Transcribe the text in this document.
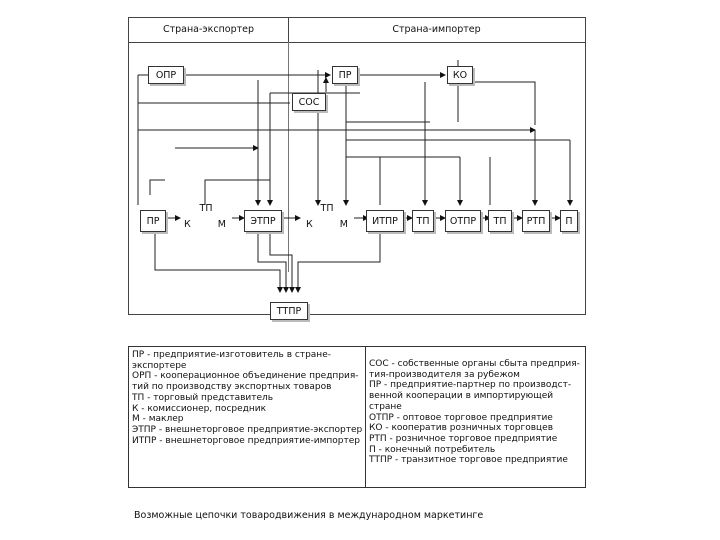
Страна-экспортер	Страна-импортер
ОПР	ПР
СОС
КО
ПР
ТП
К	М	ЭТПР
ТП
К	М	ИТПР	ТП	ОТПР	ТП	РТП	П
ТТПР
ПР - предприятие-изготовитель в стране-экспортере
ОРП - кооперационное объединение предприя-тий по производству экспортных товаров
ТП - торговый представитель
К - комиссионер, посредник
М - маклер
ЭТПР - внешнеторговое предприятие-экспортер
ИТПР - внешнеторговое предприятие-импортер
СОС - собственные органы сбыта предприя-тия-производителя за рубежом
ПР - предприятие-партнер по производст-венной кооперации в импортирующей стране
ОТПР - оптовое торговое предприятие
КО - кооператив розничных торговцев
РТП - розничное торговое предприятие
П - конечный потребитель
ТТПР - транзитное торговое предприятие
Возможные цепочки товародвижения в международном маркетинге
